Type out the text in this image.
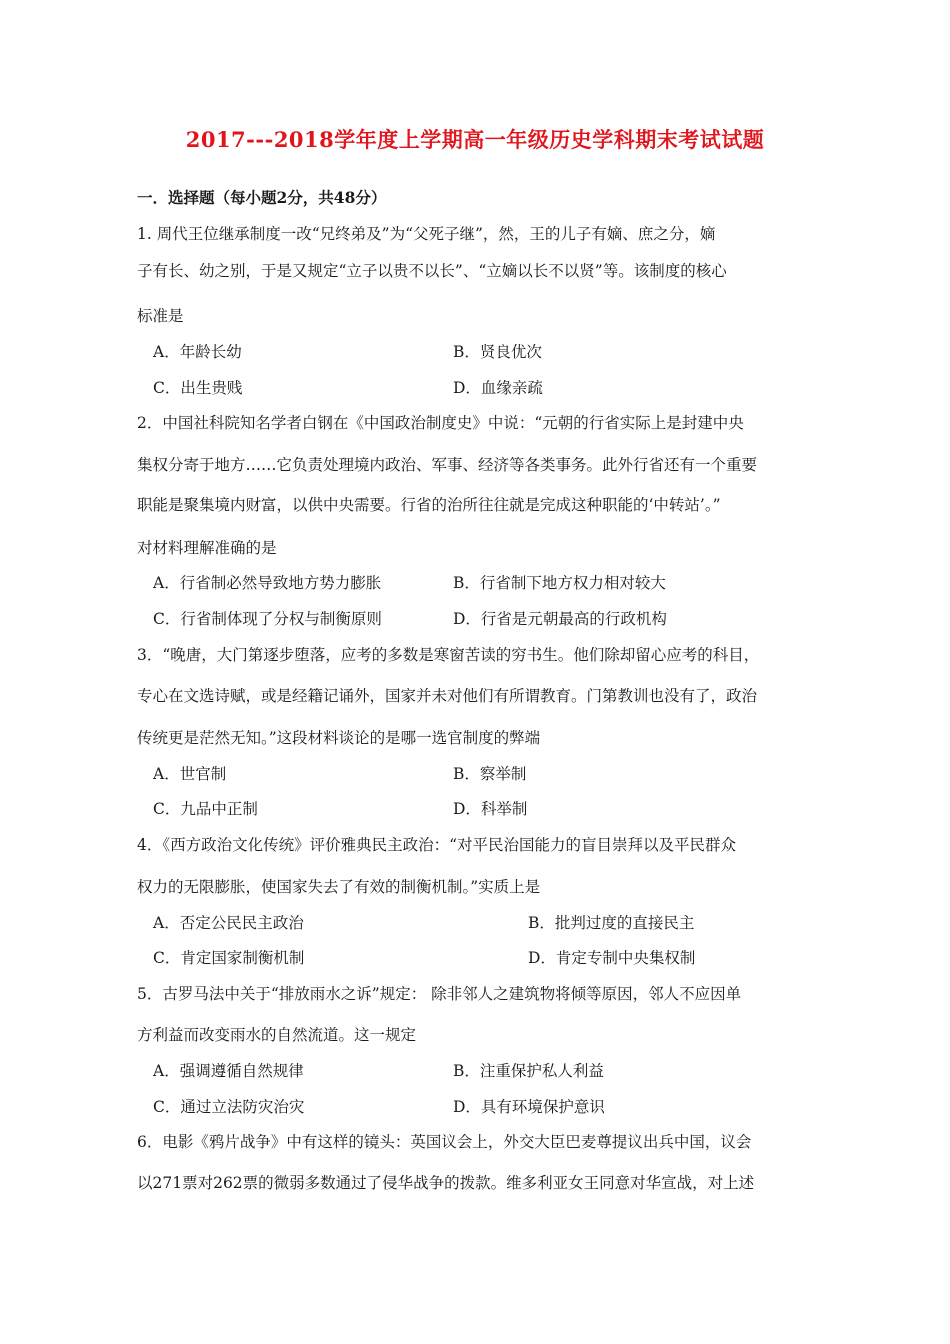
2017---2018学年度上学期高一年级历史学科期末考试试题
一．选择题（每小题2分，共48分）
1. 周代王位继承制度一改“兄终弟及”为“父死子继”，然，王的儿子有嫡、庶之分，嫡
子有长、幼之别，于是又规定“立子以贵不以长”、“立嫡以长不以贤”等。该制度的核心
标准是
A．年龄长幼	B．贤良优次
C．出生贵贱	D．血缘亲疏
2．中国社科院知名学者白钢在《中国政治制度史》中说：“元朝的行省实际上是封建中央
集权分寄于地方……它负责处理境内政治、军事、经济等各类事务。此外行省还有一个重要
职能是聚集境内财富，以供中央需要。行省的治所往往就是完成这种职能的‘中转站’。”
对材料理解准确的是
A．行省制必然导致地方势力膨胀	B．行省制下地方权力相对较大
C．行省制体现了分权与制衡原则	D．行省是元朝最高的行政机构
3．“晚唐，大门第逐步堕落，应考的多数是寒窗苦读的穷书生。他们除却留心应考的科目，
专心在文选诗赋，或是经籍记诵外，国家并未对他们有所谓教育。门第教训也没有了，政治
传统更是茫然无知。”这段材料谈论的是哪一选官制度的弊端
A．世官制	B．察举制
C．九品中正制	D．科举制
4．《西方政治文化传统》评价雅典民主政治：“对平民治国能力的盲目崇拜以及平民群众
权力的无限膨胀，使国家失去了有效的制衡机制。”实质上是
A．否定公民民主政治	B．批判过度的直接民主
C．肯定国家制衡机制	D．肯定专制中央集权制
5．古罗马法中关于“排放雨水之诉”规定： 除非邻人之建筑物将倾等原因，邻人不应因单
方利益而改变雨水的自然流道。这一规定
A．强调遵循自然规律	B．注重保护私人利益
C．通过立法防灾治灾	D．具有环境保护意识
6．电影《鸦片战争》中有这样的镜头：英国议会上，外交大臣巴麦尊提议出兵中国，议会
以271票对262票的微弱多数通过了侵华战争的拨款。维多利亚女王同意对华宣战，对上述
